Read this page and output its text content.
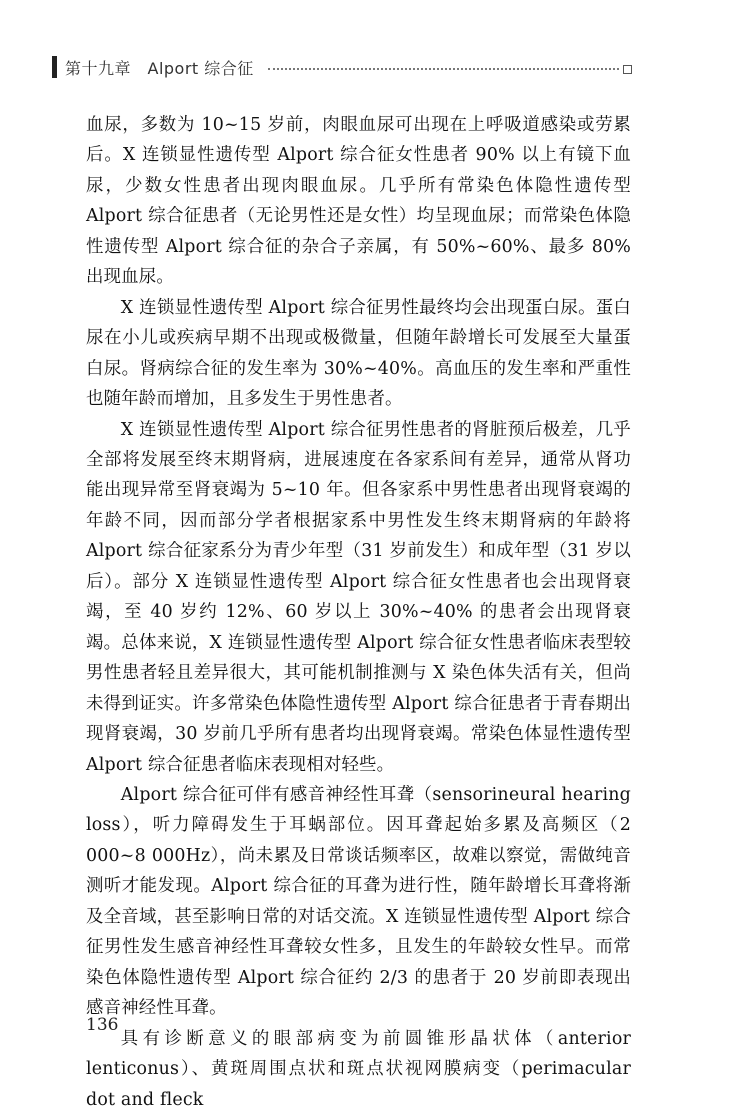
第十九章　Alport 综合征

血尿，多数为 10~15 岁前，肉眼血尿可出现在上呼吸道感染或劳累后。X 连锁显性遗传型 Alport 综合征女性患者 90% 以上有镜下血尿，少数女性患者出现肉眼血尿。几乎所有常染色体隐性遗传型 Alport 综合征患者（无论男性还是女性）均呈现血尿；而常染色体隐性遗传型 Alport 综合征的杂合子亲属，有 50%~60%、最多 80% 出现血尿。

X 连锁显性遗传型 Alport 综合征男性最终均会出现蛋白尿。蛋白尿在小儿或疾病早期不出现或极微量，但随年龄增长可发展至大量蛋白尿。肾病综合征的发生率为 30%~40%。高血压的发生率和严重性也随年龄而增加，且多发生于男性患者。

X 连锁显性遗传型 Alport 综合征男性患者的肾脏预后极差，几乎全部将发展至终末期肾病，进展速度在各家系间有差异，通常从肾功能出现异常至肾衰竭为 5~10 年。但各家系中男性患者出现肾衰竭的年龄不同，因而部分学者根据家系中男性发生终末期肾病的年龄将 Alport 综合征家系分为青少年型（31 岁前发生）和成年型（31 岁以后）。部分 X 连锁显性遗传型 Alport 综合征女性患者也会出现肾衰竭，至 40 岁约 12%、60 岁以上 30%~40% 的患者会出现肾衰竭。总体来说，X 连锁显性遗传型 Alport 综合征女性患者临床表型较男性患者轻且差异很大，其可能机制推测与 X 染色体失活有关，但尚未得到证实。许多常染色体隐性遗传型 Alport 综合征患者于青春期出现肾衰竭，30 岁前几乎所有患者均出现肾衰竭。常染色体显性遗传型 Alport 综合征患者临床表现相对轻些。

Alport 综合征可伴有感音神经性耳聋（sensorineural hearing loss），听力障碍发生于耳蜗部位。因耳聋起始多累及高频区（2 000~8 000Hz），尚未累及日常谈话频率区，故难以察觉，需做纯音测听才能发现。Alport 综合征的耳聋为进行性，随年龄增长耳聋将渐及全音域，甚至影响日常的对话交流。X 连锁显性遗传型 Alport 综合征男性发生感音神经性耳聋较女性多，且发生的年龄较女性早。而常染色体隐性遗传型 Alport 综合征约 2/3 的患者于 20 岁前即表现出感音神经性耳聋。

具有诊断意义的眼部病变为前圆锥形晶状体（anterior lenticonus）、黄斑周围点状和斑点状视网膜病变（perimacular dot and fleck

136
